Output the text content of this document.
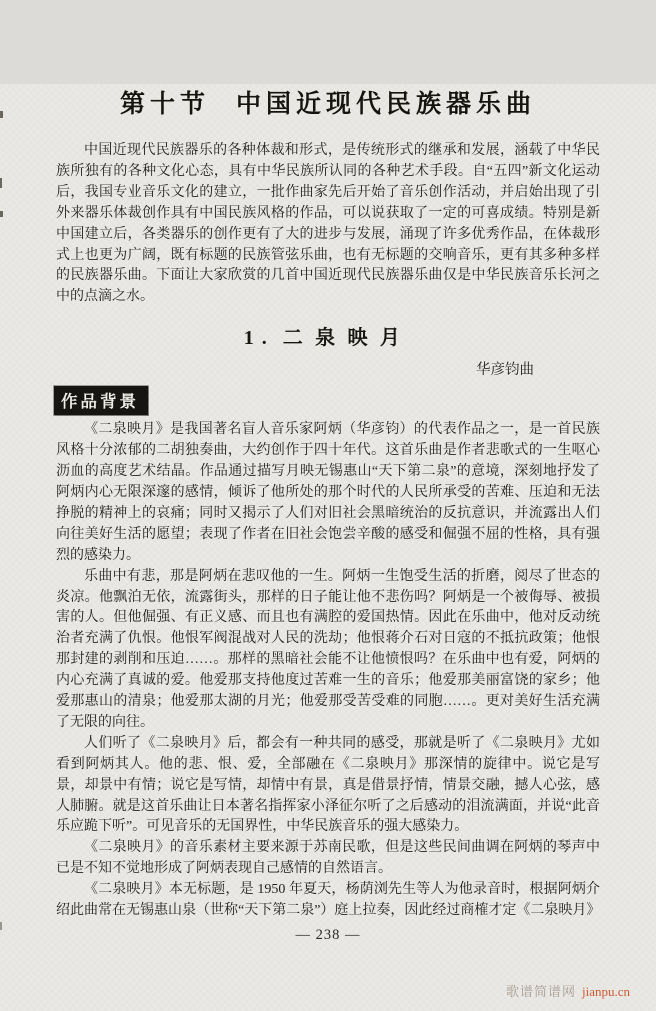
第十节 中国近现代民族器乐曲

中国近现代民族器乐的各种体裁和形式，是传统形式的继承和发展，涵载了中华民族所独有的各种文化心态，具有中华民族所认同的各种艺术手段。自“五四”新文化运动后，我国专业音乐文化的建立，一批作曲家先后开始了音乐创作活动，并启始出现了引外来器乐体裁创作具有中国民族风格的作品，可以说获取了一定的可喜成绩。特别是新中国建立后，各类器乐的创作更有了大的进步与发展，涌现了许多优秀作品，在体裁形式上也更为广阔，既有标题的民族管弦乐曲，也有无标题的交响音乐，更有其多种多样的民族器乐曲。下面让大家欣赏的几首中国近现代民族器乐曲仅是中华民族音乐长河之中的点滴之水。

1. 二泉映月
华彦钧曲
作品背景

《二泉映月》是我国著名盲人音乐家阿炳（华彦钧）的代表作品之一，是一首民族风格十分浓郁的二胡独奏曲，大约创作于四十年代。这首乐曲是作者悲歌式的一生呕心沥血的高度艺术结晶。作品通过描写月映无锡惠山“天下第二泉”的意境，深刻地抒发了阿炳内心无限深邃的感情，倾诉了他所处的那个时代的人民所承受的苦难、压迫和无法挣脱的精神上的哀痛；同时又揭示了人们对旧社会黑暗统治的反抗意识，并流露出人们向往美好生活的愿望；表现了作者在旧社会饱尝辛酸的感受和倔强不屈的性格，具有强烈的感染力。

乐曲中有悲，那是阿炳在悲叹他的一生。阿炳一生饱受生活的折磨，阅尽了世态的炎凉。他飘泊无依，流露街头，那样的日子能让他不悲伤吗？阿炳是一个被侮辱、被损害的人。但他倔强、有正义感、而且也有满腔的爱国热情。因此在乐曲中，他对反动统治者充满了仇恨。他恨军阀混战对人民的洗劫；他恨蒋介石对日寇的不抵抗政策；他恨那封建的剥削和压迫……。那样的黑暗社会能不让他愤恨吗？在乐曲中也有爱，阿炳的内心充满了真诚的爱。他爱那支持他度过苦难一生的音乐；他爱那美丽富饶的家乡；他爱那惠山的清泉；他爱那太湖的月光；他爱那受苦受难的同胞……。更对美好生活充满了无限的向往。

人们听了《二泉映月》后，都会有一种共同的感受，那就是听了《二泉映月》尤如看到阿炳其人。他的悲、恨、爱，全部融在《二泉映月》那深情的旋律中。说它是写景，却景中有情；说它是写情，却情中有景，真是借景抒情，情景交融，撼人心弦，感人肺腑。就是这首乐曲让日本著名指挥家小泽征尔听了之后感动的泪流满面，并说“此音乐应跪下听”。可见音乐的无国界性，中华民族音乐的强大感染力。

《二泉映月》的音乐素材主要来源于苏南民歌，但是这些民间曲调在阿炳的琴声中已是不知不觉地形成了阿炳表现自己感情的自然语言。

《二泉映月》本无标题，是 1950 年夏天，杨荫浏先生等人为他录音时，根据阿炳介绍此曲常在无锡惠山泉（世称“天下第二泉”）庭上拉奏，因此经过商榷才定《二泉映月》

— 238 —
歌谱简谱网 jianpu.cn
